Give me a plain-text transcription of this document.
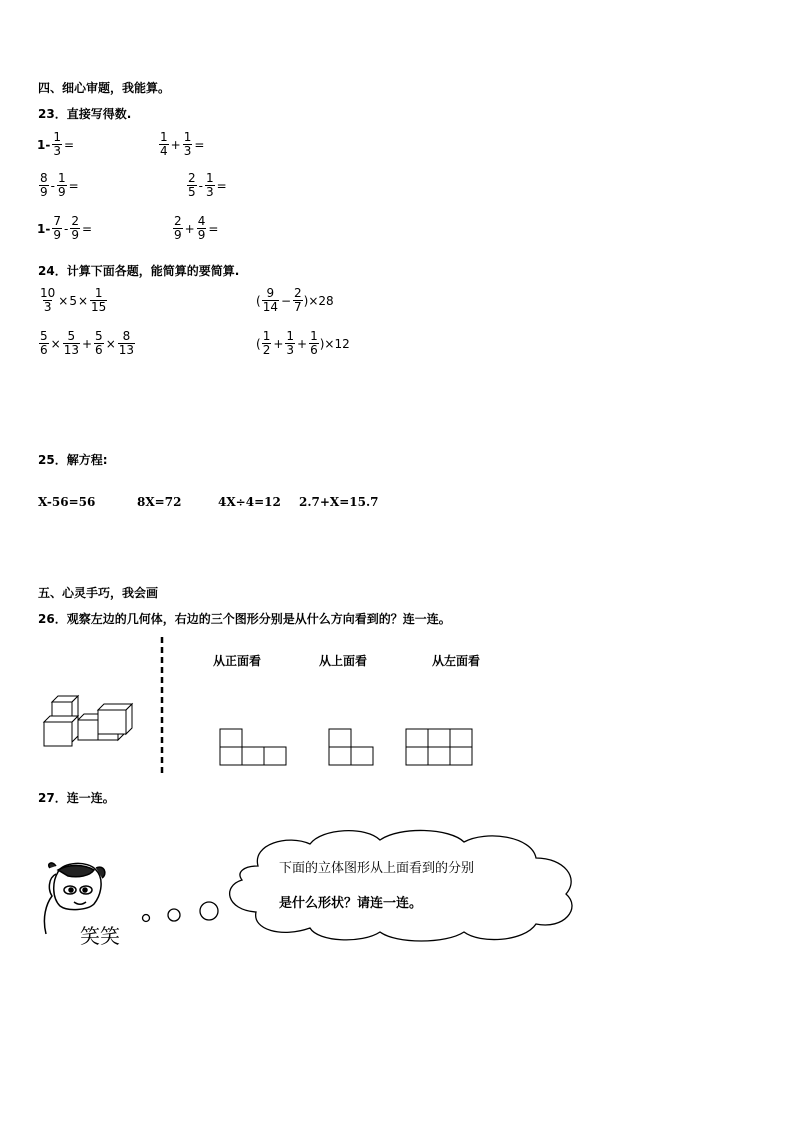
四、细心审题，我能算。
23．直接写得数.
$1- \frac{1}{3}$ =	$\frac{1}{4} + \frac{1}{3}$ =
$\frac{8}{9} - \frac{1}{9}$ =	$\frac{2}{5} - \frac{1}{3}$ =
$1- \frac{7}{9} - \frac{2}{9}$ =	$\frac{2}{9} + \frac{4}{9}$ =
24．计算下面各题，能简算的要简算.
$\frac{10}{3} \times 5 \times \frac{1}{15}$	( $\frac{9}{14} - \frac{2}{7}$ ) ×28
$\frac{5}{6} \times \frac{5}{13} + \frac{5}{6} \times \frac{8}{13}$	( $\frac{1}{2} + \frac{1}{3} + \frac{1}{6}$ ) ×12
25．解方程:
X-56=56	8X=72	4X÷4=12 2.7+X=15.7
五、心灵手巧，我会画
26．观察左边的几何体，右边的三个图形分别是从什么方向看到的？连一连。
从正面看	从上面看	从左面看
27．连一连。
笑笑
下面的立体图形从上面看到的分别
是什么形状？请连一连。
